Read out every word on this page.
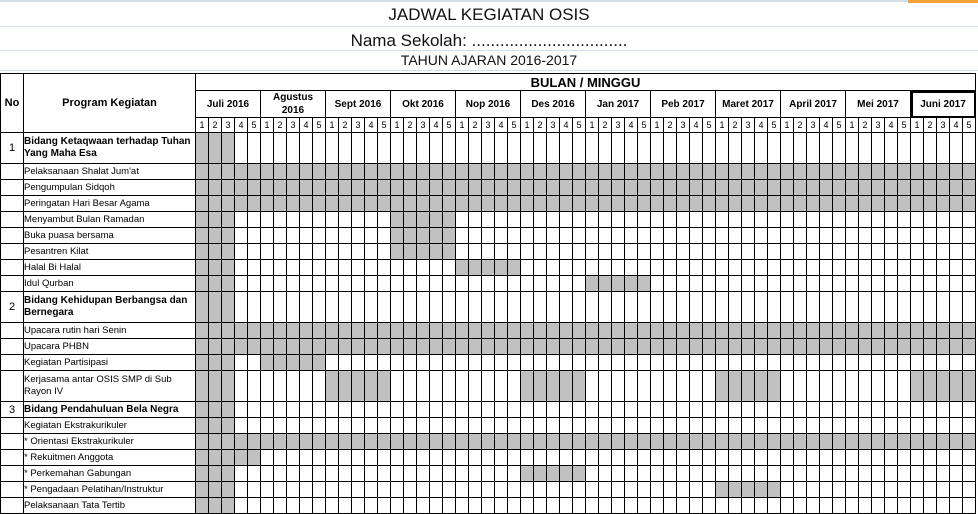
JADWAL KEGIATAN OSIS
Nama Sekolah: .................................
TAHUN AJARAN 2016-2017
No	Program Kegiatan	BULAN / MINGGU																																																											
		Juli 2016					Agustus 2016					Sept 2016					Okt 2016					Nop 2016					Des 2016					Jan 2017					Peb 2017					Maret 2017					April 2017					Mei 2017					Juni 2017				
		1	2	3	4	5	1	2	3	4	5	1	2	3	4	5	1	2	3	4	5	1	2	3	4	5	1	2	3	4	5	1	2	3	4	5	1	2	3	4	5	1	2	3	4	5	1	2	3	4	5	1	2	3	4	5	1	2	3	4	5
1	Bidang Ketaqwaan terhadap Tuhan Yang Maha Esa																																																												
	Pelaksanaan Shalat Jum'at																																																												
	Pengumpulan Sidqoh																																																												
	Peringatan Hari Besar Agama																																																												
	Menyambut Bulan Ramadan																																																												
	Buka puasa bersama																																																												
	Pesantren Kilat																																																												
	Halal Bi Halal																																																												
	Idul Qurban																																																												
2	Bidang Kehidupan Berbangsa dan Bernegara																																																												
	Upacara rutin hari Senin																																																												
	Upacara PHBN																																																												
	Kegiatan Partisipasi																																																												
	Kerjasama antar OSIS SMP di Sub Rayon IV																																																												
3	Bidang Pendahuluan Bela Negra																																																												
	Kegiatan Ekstrakurikuler																																																												
	* Orientasi Ekstrakurikuler																																																												
	* Rekuitmen Anggota																																																												
	* Perkemahan Gabungan																																																												
	* Pengadaan Pelatihan/Instruktur																																																												
	Pelaksanaan Tata Tertib																																																												
